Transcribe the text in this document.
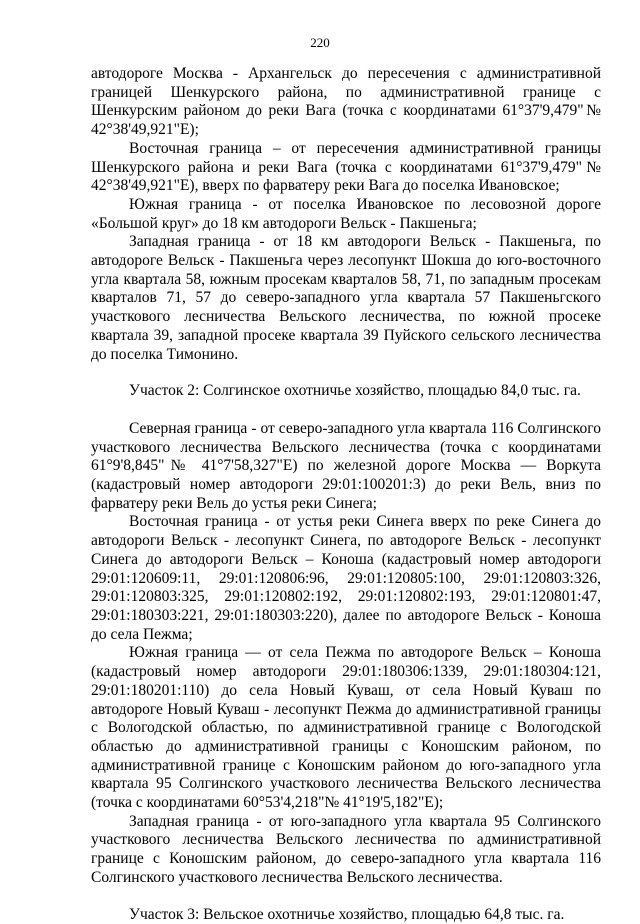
220

автодороге Москва - Архангельск до пересечения с административной границей Шенкурского района, по административной границе с Шенкурским районом до реки Вага (точка с координатами 61°37'9,479"№ 42°38'49,921"Е);

Восточная граница – от пересечения административной границы Шенкурского района и реки Вага (точка с координатами 61°37'9,479"№ 42°38'49,921"Е), вверх по фарватеру реки Вага до поселка Ивановское;

Южная граница - от поселка Ивановское по лесовозной дороге «Большой круг» до 18 км автодороги Вельск - Пакшеньга;

Западная граница - от 18 км автодороги Вельск - Пакшеньга, по автодороге Вельск - Пакшеньга через лесопункт Шокша до юго-восточного угла квартала 58, южным просекам кварталов 58, 71, по западным просекам кварталов 71, 57 до северо-западного угла квартала 57 Пакшеньгского участкового лесничества Вельского лесничества, по южной просеке квартала 39, западной просеке квартала 39 Пуйского сельского лесничества до поселка Тимонино.

Участок 2: Солгинское охотничье хозяйство, площадью 84,0 тыс. га.

Северная граница - от северо-западного угла квартала 116 Солгинского участкового лесничества Вельского лесничества (точка с координатами 61°9'8,845"№ 41°7'58,327"Е) по железной дороге Москва — Воркута (кадастровый номер автодороги 29:01:100201:3) до реки Вель, вниз по фарватеру реки Вель до устья реки Синега;

Восточная граница - от устья реки Синега вверх по реке Синега до автодороги Вельск - лесопункт Синега, по автодороге Вельск - лесопункт Синега до автодороги Вельск – Коноша (кадастровый номер автодороги 29:01:120609:11, 29:01:120806:96, 29:01:120805:100, 29:01:120803:326, 29:01:120803:325, 29:01:120802:192, 29:01:120802:193, 29:01:120801:47, 29:01:180303:221, 29:01:180303:220), далее по автодороге Вельск - Коноша до села Пежма;

Южная граница — от села Пежма по автодороге Вельск – Коноша (кадастровый номер автодороги 29:01:180306:1339, 29:01:180304:121, 29:01:180201:110) до села Новый Куваш, от села Новый Куваш по автодороге Новый Куваш - лесопункт Пежма до административной границы с Вологодской областью, по административной границе с Вологодской областью до административной границы с Коношским районом, по административной границе с Коношским районом до юго-западного угла квартала 95 Солгинского участкового лесничества Вельского лесничества (точка с координатами 60°53'4,218"№ 41°19'5,182"Е);

Западная граница - от юго-западного угла квартала 95 Солгинского участкового лесничества Вельского лесничества по административной границе с Коношским районом, до северо-западного угла квартала 116 Солгинского участкового лесничества Вельского лесничества.

Участок 3: Вельское охотничье хозяйство, площадью 64,8 тыс. га.
